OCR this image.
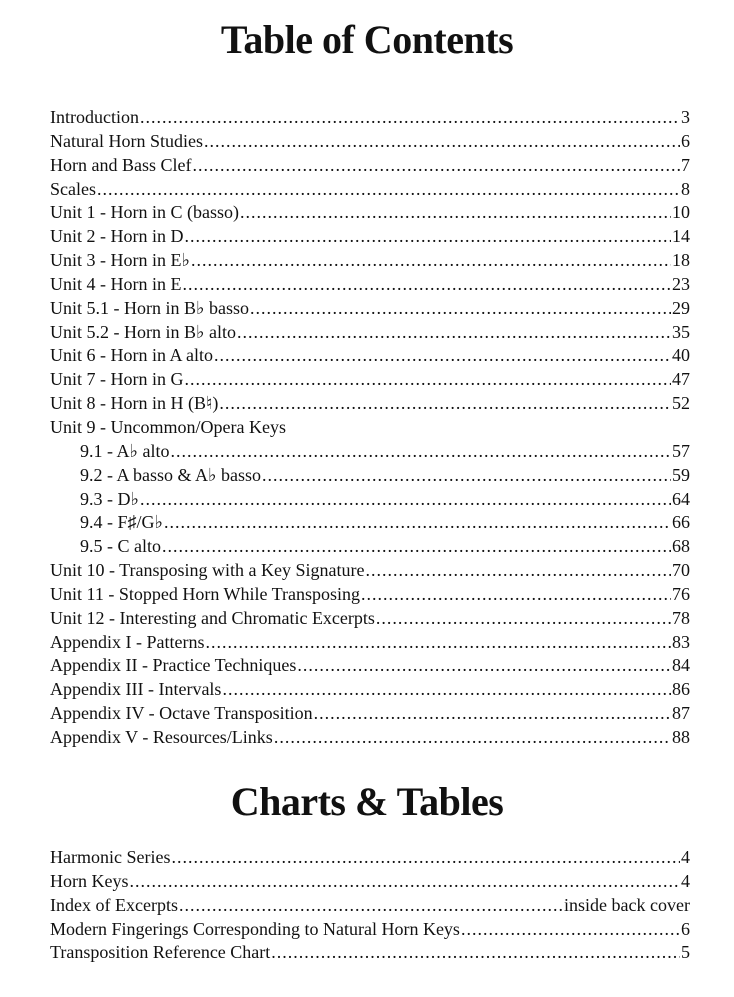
Table of Contents
Introduction .....	3
Natural Horn Studies .....	6
Horn and Bass Clef .....	7
Scales .....	8
Unit 1 - Horn in C (basso) .....	10
Unit 2 - Horn in D .....	14
Unit 3 - Horn in E♭ .....	18
Unit 4 - Horn in E .....	23
Unit 5.1 - Horn in B♭ basso .....	29
Unit 5.2 - Horn in B♭ alto .....	35
Unit 6 - Horn in A alto .....	40
Unit 7 - Horn in G .....	47
Unit 8 - Horn in H (B♮) .....	52
Unit 9 - Uncommon/Opera Keys
9.1 - A♭ alto .....	57
9.2 - A basso & A♭ basso .....	59
9.3 - D♭ .....	64
9.4 - F♯/G♭ .....	66
9.5 - C alto .....	68
Unit 10 - Transposing with a Key Signature .....	70
Unit 11 - Stopped Horn While Transposing .....	76
Unit 12 - Interesting and Chromatic Excerpts .....	78
Appendix I - Patterns .....	83
Appendix II - Practice Techniques .....	84
Appendix III - Intervals .....	86
Appendix IV - Octave Transposition .....	87
Appendix V - Resources/Links .....	88
Charts & Tables
Harmonic Series .....	4
Horn Keys .....	4
Index of Excerpts .....	inside back cover
Modern Fingerings Corresponding to Natural Horn Keys .....	6
Transposition Reference Chart .....	5
